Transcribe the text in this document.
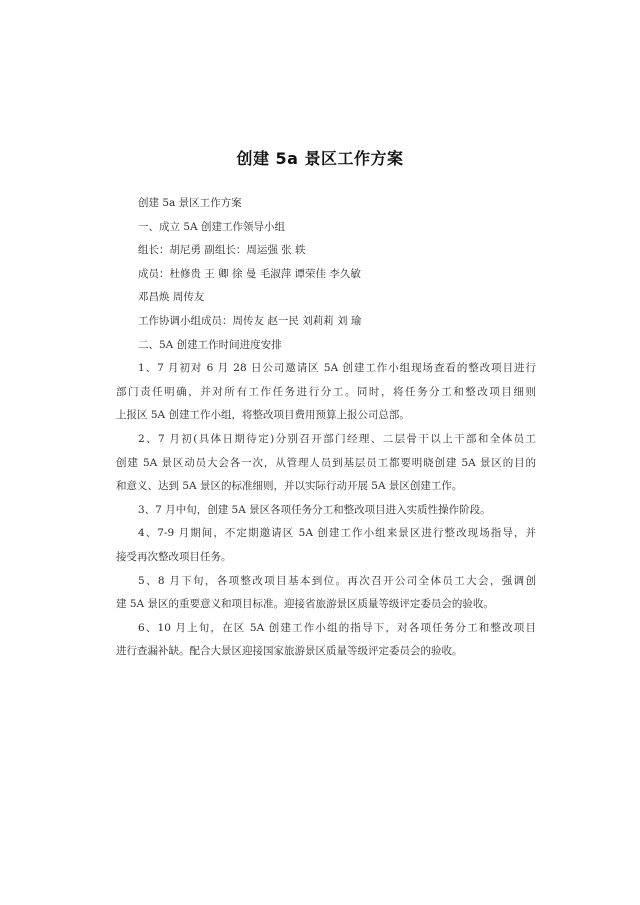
创建 5a 景区工作方案

创建 5a 景区工作方案

一、成立 5A 创建工作领导小组

组长：胡尼勇 副组长：周运强 张 轶

成员：杜修贵 王 卿 徐 曼 毛淑萍 谭荣佳 李久敏

邓昌焕 周传友

工作协调小组成员：周传友 赵一民 刘莉莉 刘 瑜

二、5A 创建工作时间进度安排

1、7 月初对 6 月 28 日公司邀请区 5A 创建工作小组现场查看的整改项目进行
部门责任明确，并对所有工作任务进行分工。同时，将任务分工和整改项目细则
上报区 5A 创建工作小组，将整改项目费用预算上报公司总部。

2、7 月初(具体日期待定)分别召开部门经理、二层骨干以上干部和全体员工
创建 5A 景区动员大会各一次，从管理人员到基层员工都要明晓创建 5A 景区的目的
和意义、达到 5A 景区的标准细则，并以实际行动开展 5A 景区创建工作。

3、7 月中旬，创建 5A 景区各项任务分工和整改项目进入实质性操作阶段。

4、7-9 月期间，不定期邀请区 5A 创建工作小组来景区进行整改现场指导，并
接受再次整改项目任务。

5、8 月下旬，各项整改项目基本到位。再次召开公司全体员工大会，强调创
建 5A 景区的重要意义和项目标准。迎接省旅游景区质量等级评定委员会的验收。

6、10 月上旬，在区 5A 创建工作小组的指导下，对各项任务分工和整改项目
进行查漏补缺。配合大景区迎接国家旅游景区质量等级评定委员会的验收。
